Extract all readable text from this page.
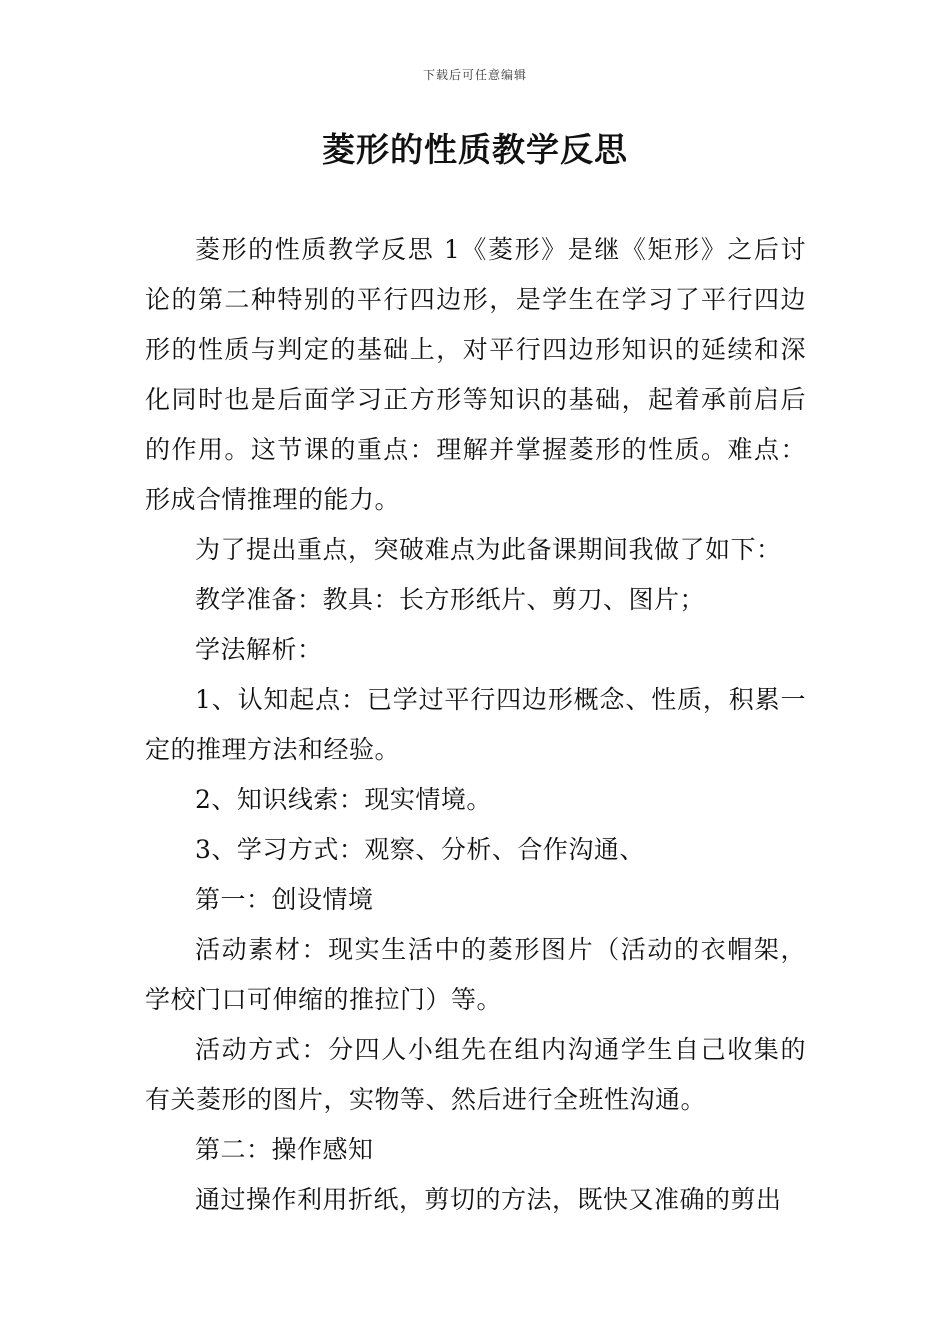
下载后可任意编辑
菱形的性质教学反思

菱形的性质教学反思 1《菱形》是继《矩形》之后讨论的第二种特别的平行四边形，是学生在学习了平行四边形的性质与判定的基础上，对平行四边形知识的延续和深化同时也是后面学习正方形等知识的基础，起着承前启后的作用。这节课的重点：理解并掌握菱形的性质。难点：形成合情推理的能力。

为了提出重点，突破难点为此备课期间我做了如下：

教学准备：教具：长方形纸片、剪刀、图片；

学法解析：

1、认知起点：已学过平行四边形概念、性质，积累一定的推理方法和经验。

2、知识线索：现实情境。

3、学习方式：观察、分析、合作沟通、

第一：创设情境

活动素材：现实生活中的菱形图片（活动的衣帽架，学校门口可伸缩的推拉门）等。

活动方式：分四人小组先在组内沟通学生自己收集的有关菱形的图片，实物等、然后进行全班性沟通。

第二：操作感知

通过操作利用折纸，剪切的方法，既快又准确的剪出
